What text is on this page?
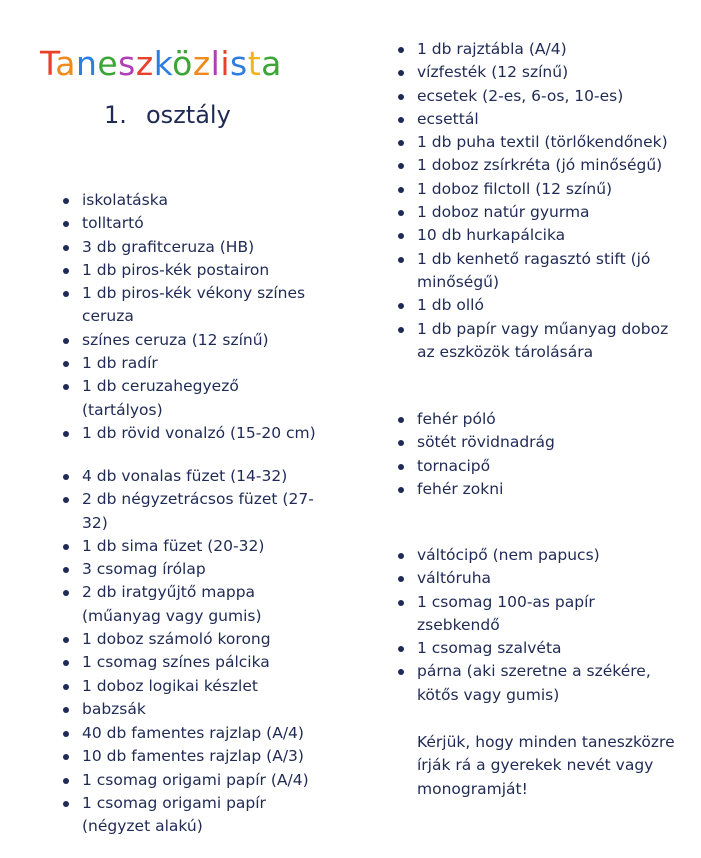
Taneszközlista
1. osztály
iskolatáska
tolltartó
3 db grafitceruza (HB)
1 db piros-kék postairon
1 db piros-kék vékony színes ceruza
színes ceruza (12 színű)
1 db radír
1 db ceruzahegyező (tartályos)
1 db rövid vonalzó (15-20 cm)
4 db vonalas füzet (14-32)
2 db négyzetrácsos füzet (27-32)
1 db sima füzet (20-32)
3 csomag írólap
2 db iratgyűjtő mappa (műanyag vagy gumis)
1 doboz számoló korong
1 csomag színes pálcika
1 doboz logikai készlet
babzsák
40 db famentes rajzlap (A/4)
10 db famentes rajzlap (A/3)
1 csomag origami papír (A/4)
1 csomag origami papír (négyzet alakú)
1 db rajztábla (A/4)
vízfesték (12 színű)
ecsetek (2-es, 6-os, 10-es)
ecsettál
1 db puha textil (törlőkendőnek)
1 doboz zsírkréta (jó minőségű)
1 doboz filctoll (12 színű)
1 doboz natúr gyurma
10 db hurkapálcika
1 db kenhető ragasztó stift (jó minőségű)
1 db olló
1 db papír vagy műanyag doboz az eszközök tárolására
fehér póló
sötét rövidnadrág
tornacipő
fehér zokni
váltócipő (nem papucs)
váltóruha
1 csomag 100-as papír zsebkendő
1 csomag szalvéta
párna (aki szeretne a székére, kötős vagy gumis)

Kérjük, hogy minden taneszközre írják rá a gyerekek nevét vagy monogramját!
